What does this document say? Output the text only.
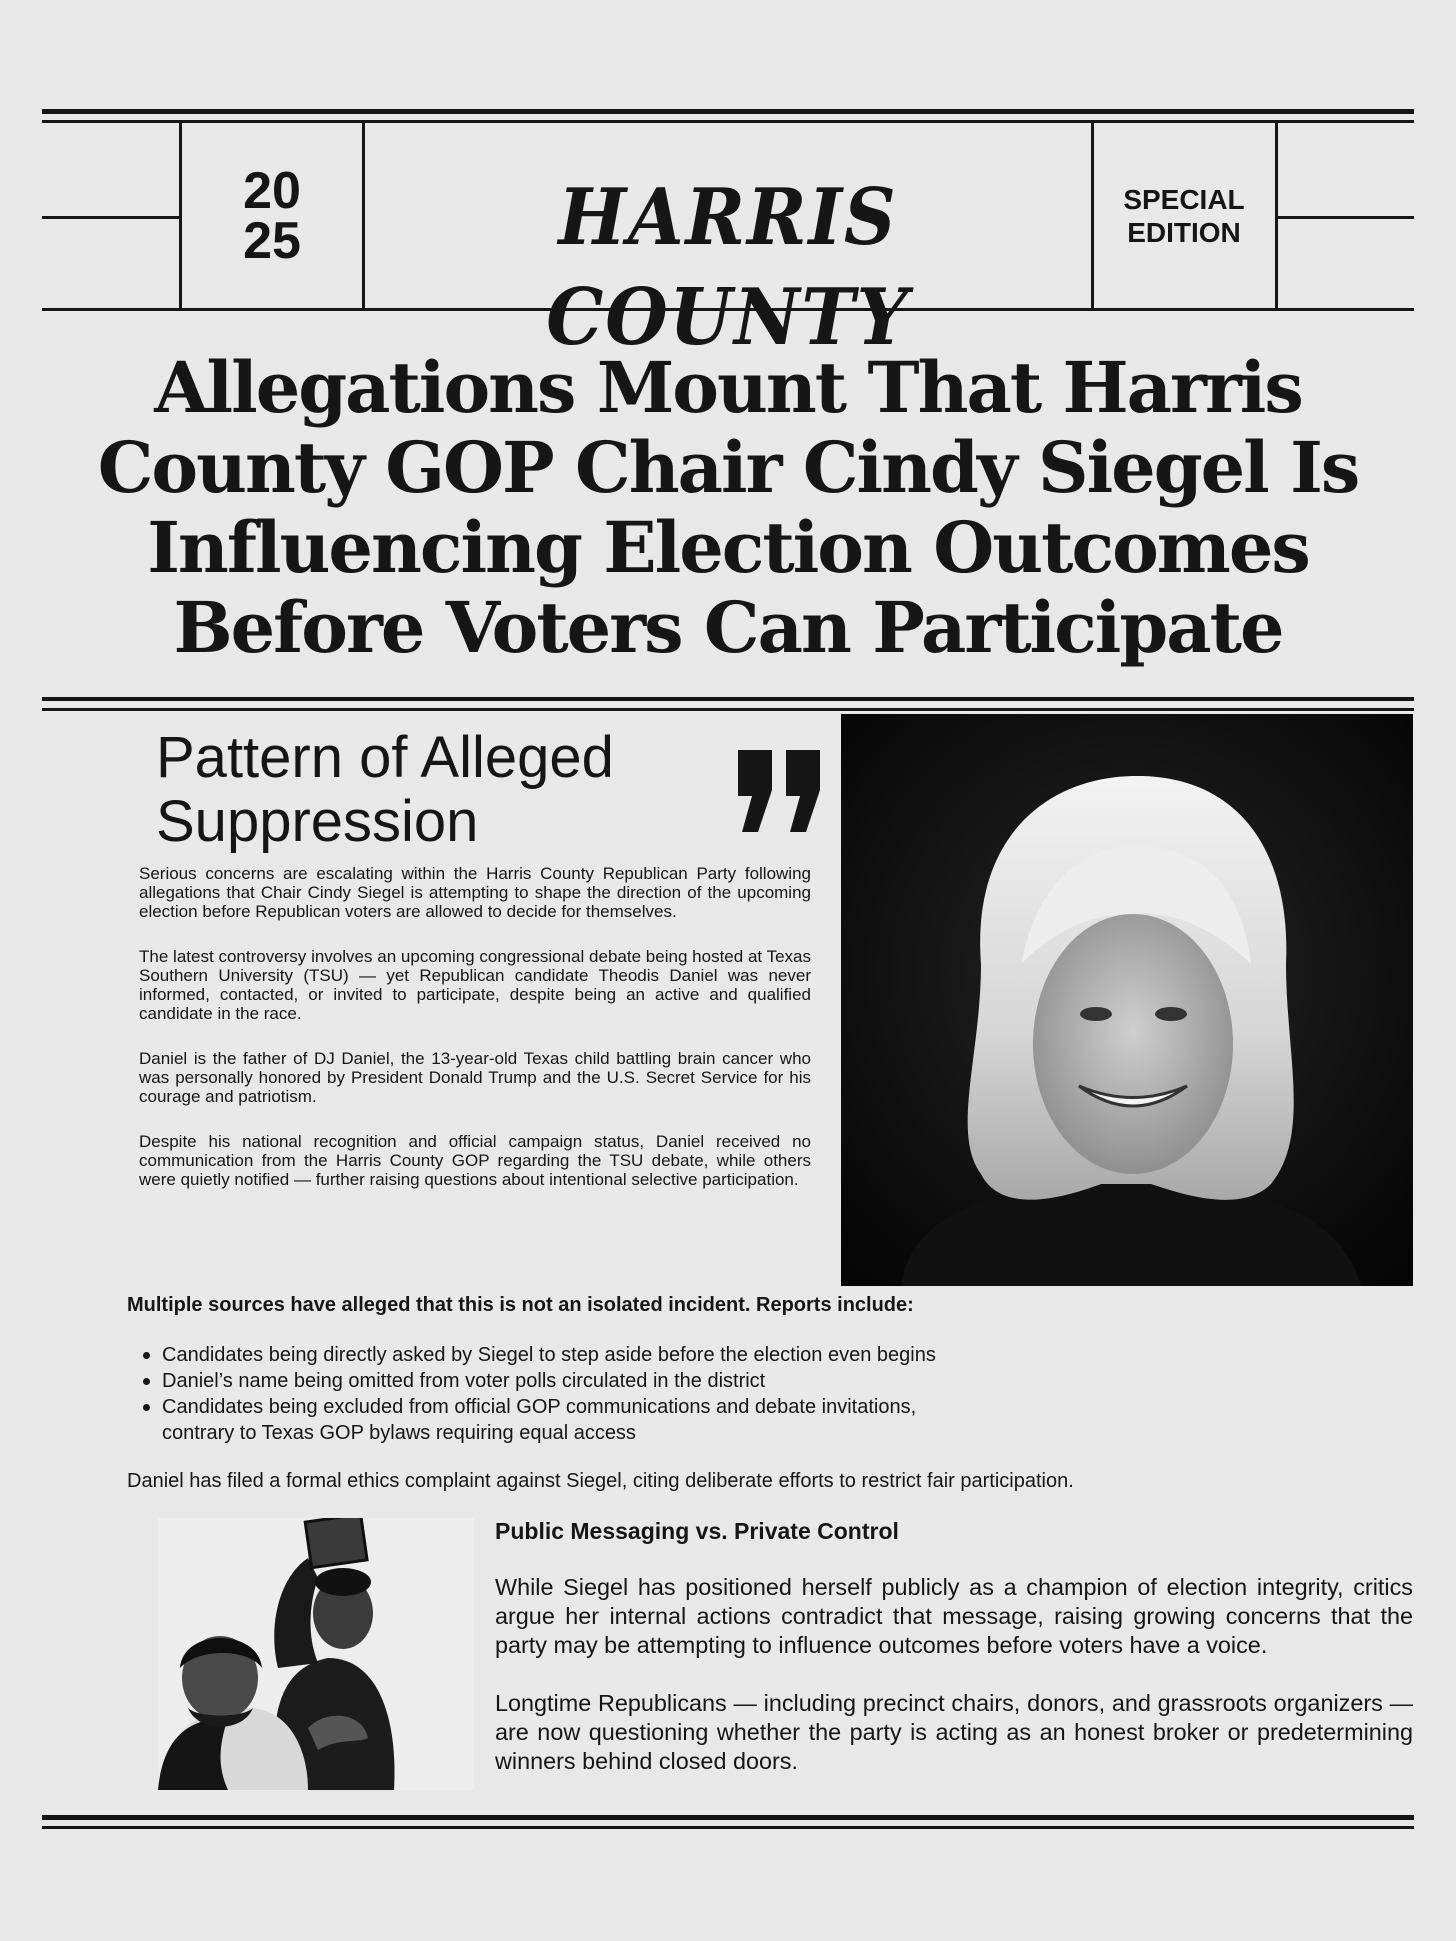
20
25	HARRIS COUNTY
SPECIAL
EDITION
Allegations Mount That Harris County GOP Chair Cindy Siegel Is Influencing Election Outcomes Before Voters Can Participate
Pattern of Alleged Suppression

Serious concerns are escalating within the Harris County Republican Party following allegations that Chair Cindy Siegel is attempting to shape the direction of the upcoming election before Republican voters are allowed to decide for themselves.

The latest controversy involves an upcoming congressional debate being hosted at Texas Southern University (TSU) — yet Republican candidate Theodis Daniel was never informed, contacted, or invited to participate, despite being an active and qualified candidate in the race.

Daniel is the father of DJ Daniel, the 13-year-old Texas child battling brain cancer who was personally honored by President Donald Trump and the U.S. Secret Service for his courage and patriotism.

Despite his national recognition and official campaign status, Daniel received no communication from the Harris County GOP regarding the TSU debate, while others were quietly notified — further raising questions about intentional selective participation.

Multiple sources have alleged that this is not an isolated incident. Reports include:
Candidates being directly asked by Siegel to step aside before the election even begins
Daniel’s name being omitted from voter polls circulated in the district
Candidates being excluded from official GOP communications and debate invitations, contrary to Texas GOP bylaws requiring equal access
Daniel has filed a formal ethics complaint against Siegel, citing deliberate efforts to restrict fair participation.
Public Messaging vs. Private Control

While Siegel has positioned herself publicly as a champion of election integrity, critics argue her internal actions contradict that message, raising growing concerns that the party may be attempting to influence outcomes before voters have a voice.

Longtime Republicans — including precinct chairs, donors, and grassroots organizers — are now questioning whether the party is acting as an honest broker or predetermining winners behind closed doors.
